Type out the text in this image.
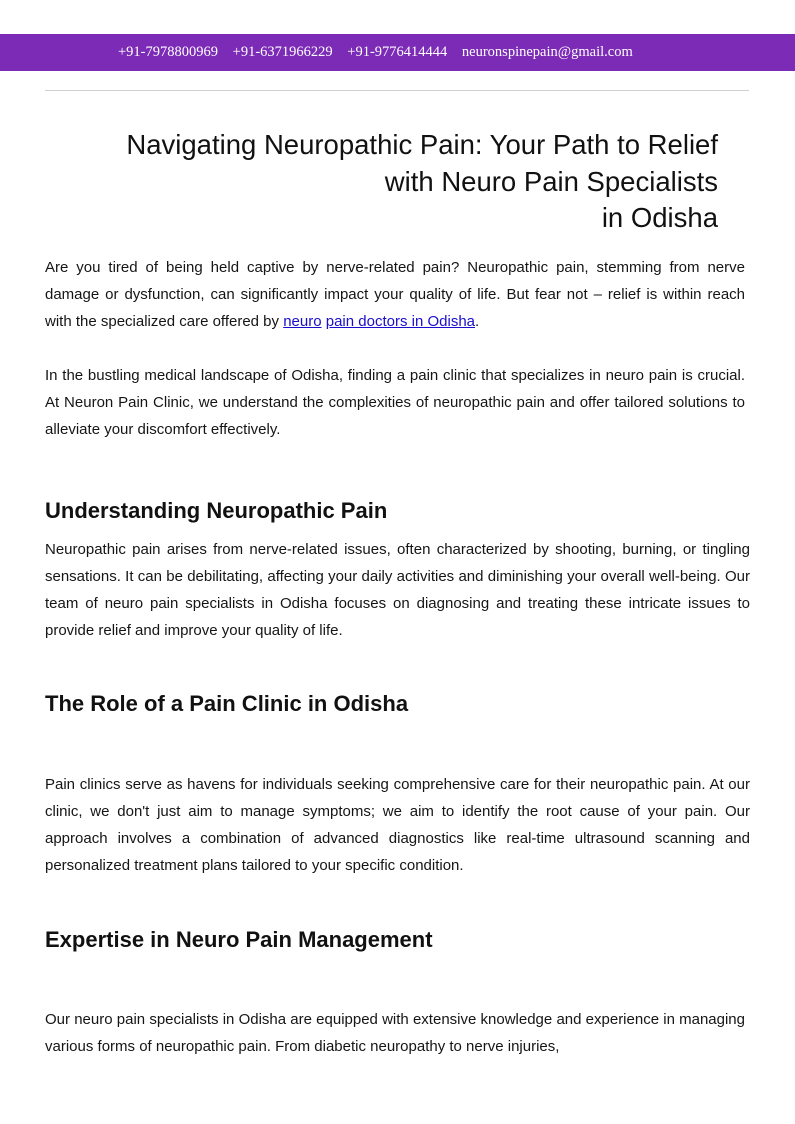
+91-7978800969 +91-6371966229 +91-9776414444 neuronspinepain@gmail.com
Navigating Neuropathic Pain: Your Path to Relief
with Neuro Pain Specialists
in Odisha

Are you tired of being held captive by nerve-related pain? Neuropathic pain, stemming from nerve damage or dysfunction, can significantly impact your quality of life. But fear not – relief is within reach with the specialized care offered by neuro pain doctors in Odisha.

In the bustling medical landscape of Odisha, finding a pain clinic that specializes in neuro pain is crucial. At Neuron Pain Clinic, we understand the complexities of neuropathic pain and offer tailored solutions to alleviate your discomfort effectively.

Understanding Neuropathic Pain

Neuropathic pain arises from nerve-related issues, often characterized by shooting, burning, or tingling sensations. It can be debilitating, affecting your daily activities and diminishing your overall well-being. Our team of neuro pain specialists in Odisha focuses on diagnosing and treating these intricate issues to provide relief and improve your quality of life.

The Role of a Pain Clinic in Odisha

Pain clinics serve as havens for individuals seeking comprehensive care for their neuropathic pain. At our clinic, we don't just aim to manage symptoms; we aim to identify the root cause of your pain. Our approach involves a combination of advanced diagnostics like real-time ultrasound scanning and personalized treatment plans tailored to your specific condition.

Expertise in Neuro Pain Management

Our neuro pain specialists in Odisha are equipped with extensive knowledge and experience in managing various forms of neuropathic pain. From diabetic neuropathy to nerve injuries,
